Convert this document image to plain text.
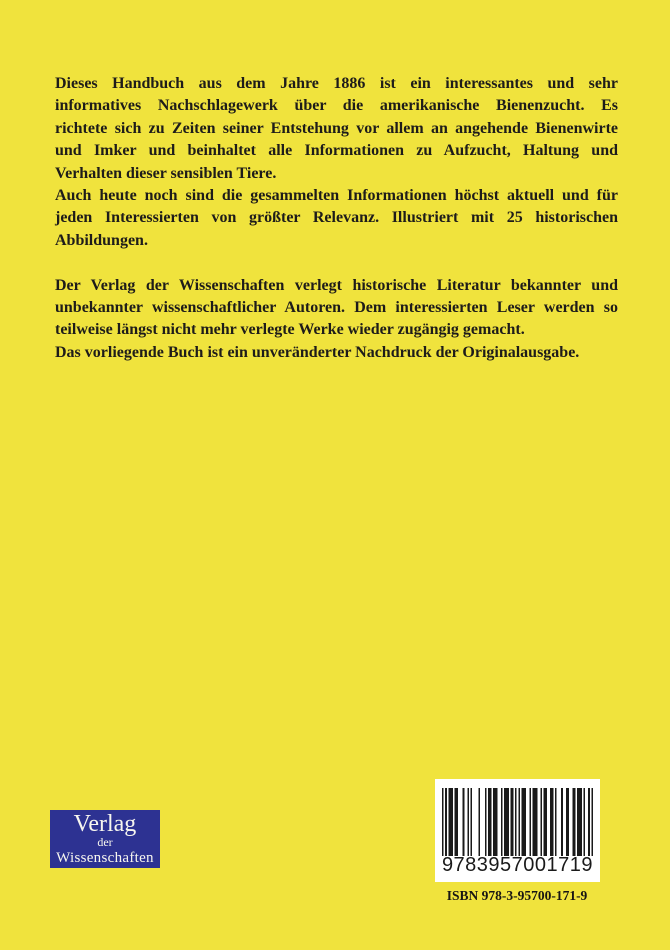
Dieses Handbuch aus dem Jahre 1886 ist ein interessantes und sehr
informatives Nachschlagewerk über die amerikanische Bienenzucht. Es
richtete sich zu Zeiten seiner Entstehung vor allem an angehende Bienenwirte
und Imker und beinhaltet alle Informationen zu Aufzucht, Haltung und
Verhalten dieser sensiblen Tiere.
Auch heute noch sind die gesammelten Informationen höchst aktuell und für
jeden Interessierten von größter Relevanz. Illustriert mit 25 historischen
Abbildungen.
Der Verlag der Wissenschaften verlegt historische Literatur bekannter und
unbekannter wissenschaftlicher Autoren. Dem interessierten Leser werden so
teilweise längst nicht mehr verlegte Werke wieder zugängig gemacht.
Das vorliegende Buch ist ein unveränderter Nachdruck der Originalausgabe.
Verlag
der
Wissenschaften	9783957001719
ISBN 978-3-95700-171-9
